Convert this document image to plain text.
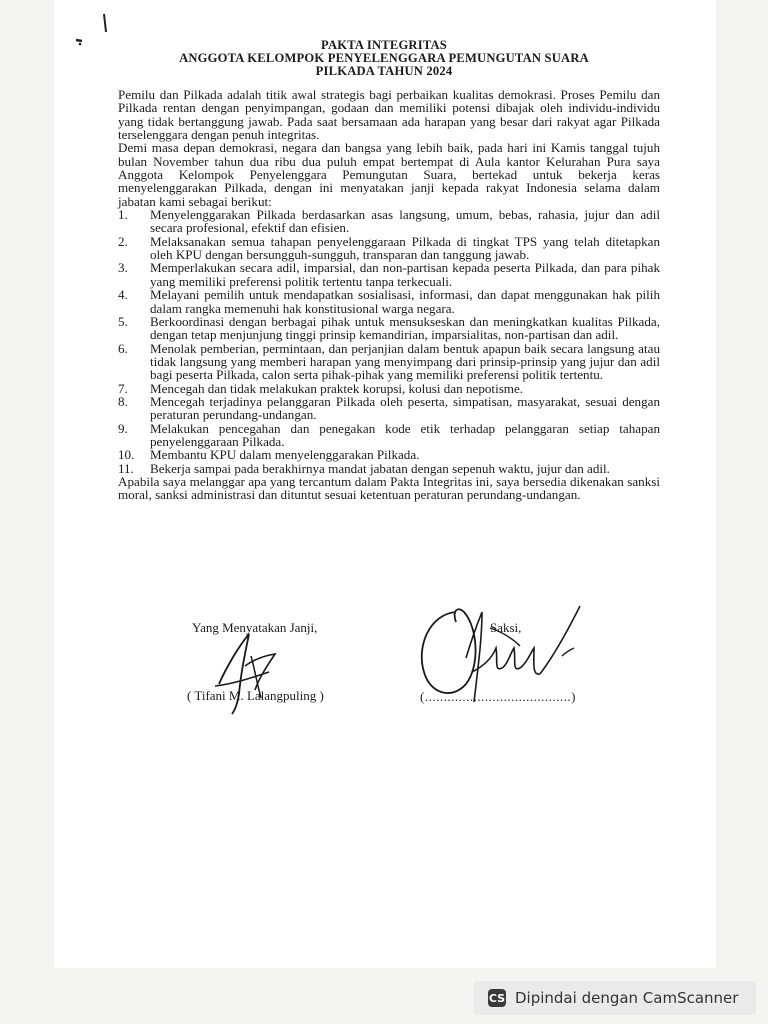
PAKTA INTEGRITAS
ANGGOTA KELOMPOK PENYELENGGARA PEMUNGUTAN SUARA
PILKADA TAHUN 2024

Pemilu dan Pilkada adalah titik awal strategis bagi perbaikan kualitas demokrasi. Proses Pemilu dan Pilkada rentan dengan penyimpangan, godaan dan memiliki potensi dibajak oleh individu-individu yang tidak bertanggung jawab. Pada saat bersamaan ada harapan yang besar dari rakyat agar Pilkada terselenggara dengan penuh integritas.

Demi masa depan demokrasi, negara dan bangsa yang lebih baik, pada hari ini Kamis tanggal tujuh bulan November tahun dua ribu dua puluh empat bertempat di Aula kantor Kelurahan Pura saya Anggota Kelompok Penyelenggara Pemungutan Suara, bertekad untuk bekerja keras menyelenggarakan Pilkada, dengan ini menyatakan janji kepada rakyat Indonesia selama dalam jabatan kami sebagai berikut:

1. Menyelenggarakan Pilkada berdasarkan asas langsung, umum, bebas, rahasia, jujur dan adil secara profesional, efektif dan efisien.
2. Melaksanakan semua tahapan penyelenggaraan Pilkada di tingkat TPS yang telah ditetapkan oleh KPU dengan bersungguh-sungguh, transparan dan tanggung jawab.
3. Memperlakukan secara adil, imparsial, dan non-partisan kepada peserta Pilkada, dan para pihak yang memiliki preferensi politik tertentu tanpa terkecuali.
4. Melayani pemilih untuk mendapatkan sosialisasi, informasi, dan dapat menggunakan hak pilih dalam rangka memenuhi hak konstitusional warga negara.
5. Berkoordinasi dengan berbagai pihak untuk mensukseskan dan meningkatkan kualitas Pilkada, dengan tetap menjunjung tinggi prinsip kemandirian, imparsialitas, non-partisan dan adil.
6. Menolak pemberian, permintaan, dan perjanjian dalam bentuk apapun baik secara langsung atau tidak langsung yang memberi harapan yang menyimpang dari prinsip-prinsip yang jujur dan adil bagi peserta Pilkada, calon serta pihak-pihak yang memiliki preferensi politik tertentu.
7. Mencegah dan tidak melakukan praktek korupsi, kolusi dan nepotisme.
8. Mencegah terjadinya pelanggaran Pilkada oleh peserta, simpatisan, masyarakat, sesuai dengan peraturan perundang-undangan.
9. Melakukan pencegahan dan penegakan kode etik terhadap pelanggaran setiap tahapan penyelenggaraan Pilkada.
10. Membantu KPU dalam menyelenggarakan Pilkada.
11. Bekerja sampai pada berakhirnya mandat jabatan dengan sepenuh waktu, jujur dan adil.

Apabila saya melanggar apa yang tercantum dalam Pakta Integritas ini, saya bersedia dikenakan sanksi moral, sanksi administrasi dan dituntut sesuai ketentuan peraturan perundang-undangan.

Yang Menyatakan Janji,
( Tifani M. Lalangpuling )
Saksi,
(.......................................)
CS Dipindai dengan CamScanner
